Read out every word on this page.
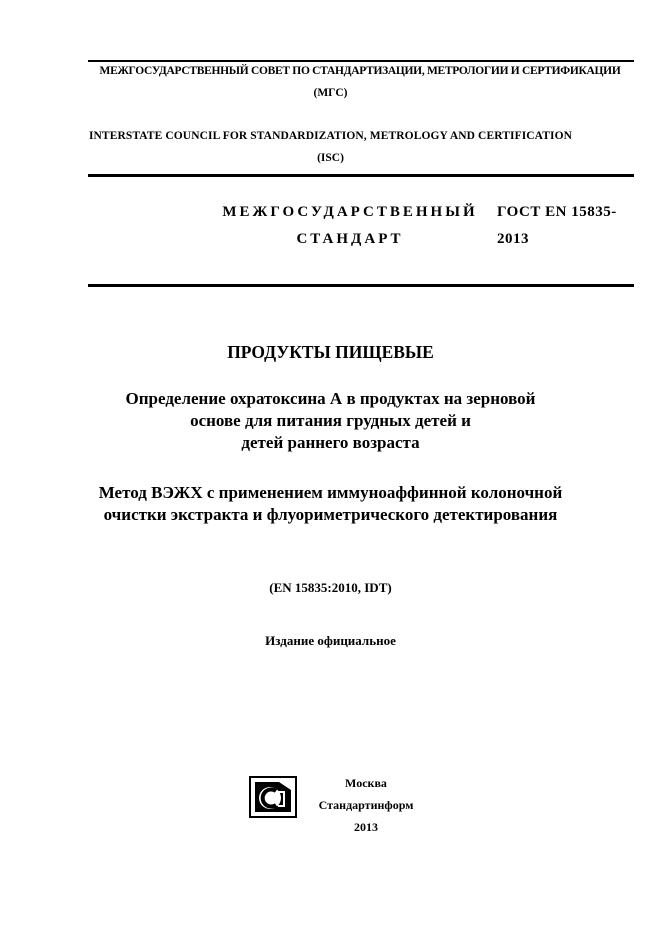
МЕЖГОСУДАРСТВЕННЫЙ СОВЕТ ПО СТАНДАРТИЗАЦИИ, МЕТРОЛОГИИ И СЕРТИФИКАЦИИ
(МГС)
INTERSTATE COUNCIL FOR STANDARDIZATION, METROLOGY AND CERTIFICATION
(ISC)
МЕЖГОСУДАРСТВЕННЫЙ
СТАНДАРТ
ГОСТ EN 15835-
2013
ПРОДУКТЫ ПИЩЕВЫЕ
Определение охратоксина А в продуктах на зерновой
основе для питания грудных детей и
детей раннего возраста
Метод ВЭЖХ с применением иммуноаффинной колоночной
очистки экстракта и флуориметрического детектирования
(EN 15835:2010, IDT)
Издание официальное
Москва
Стандартинформ
2013
